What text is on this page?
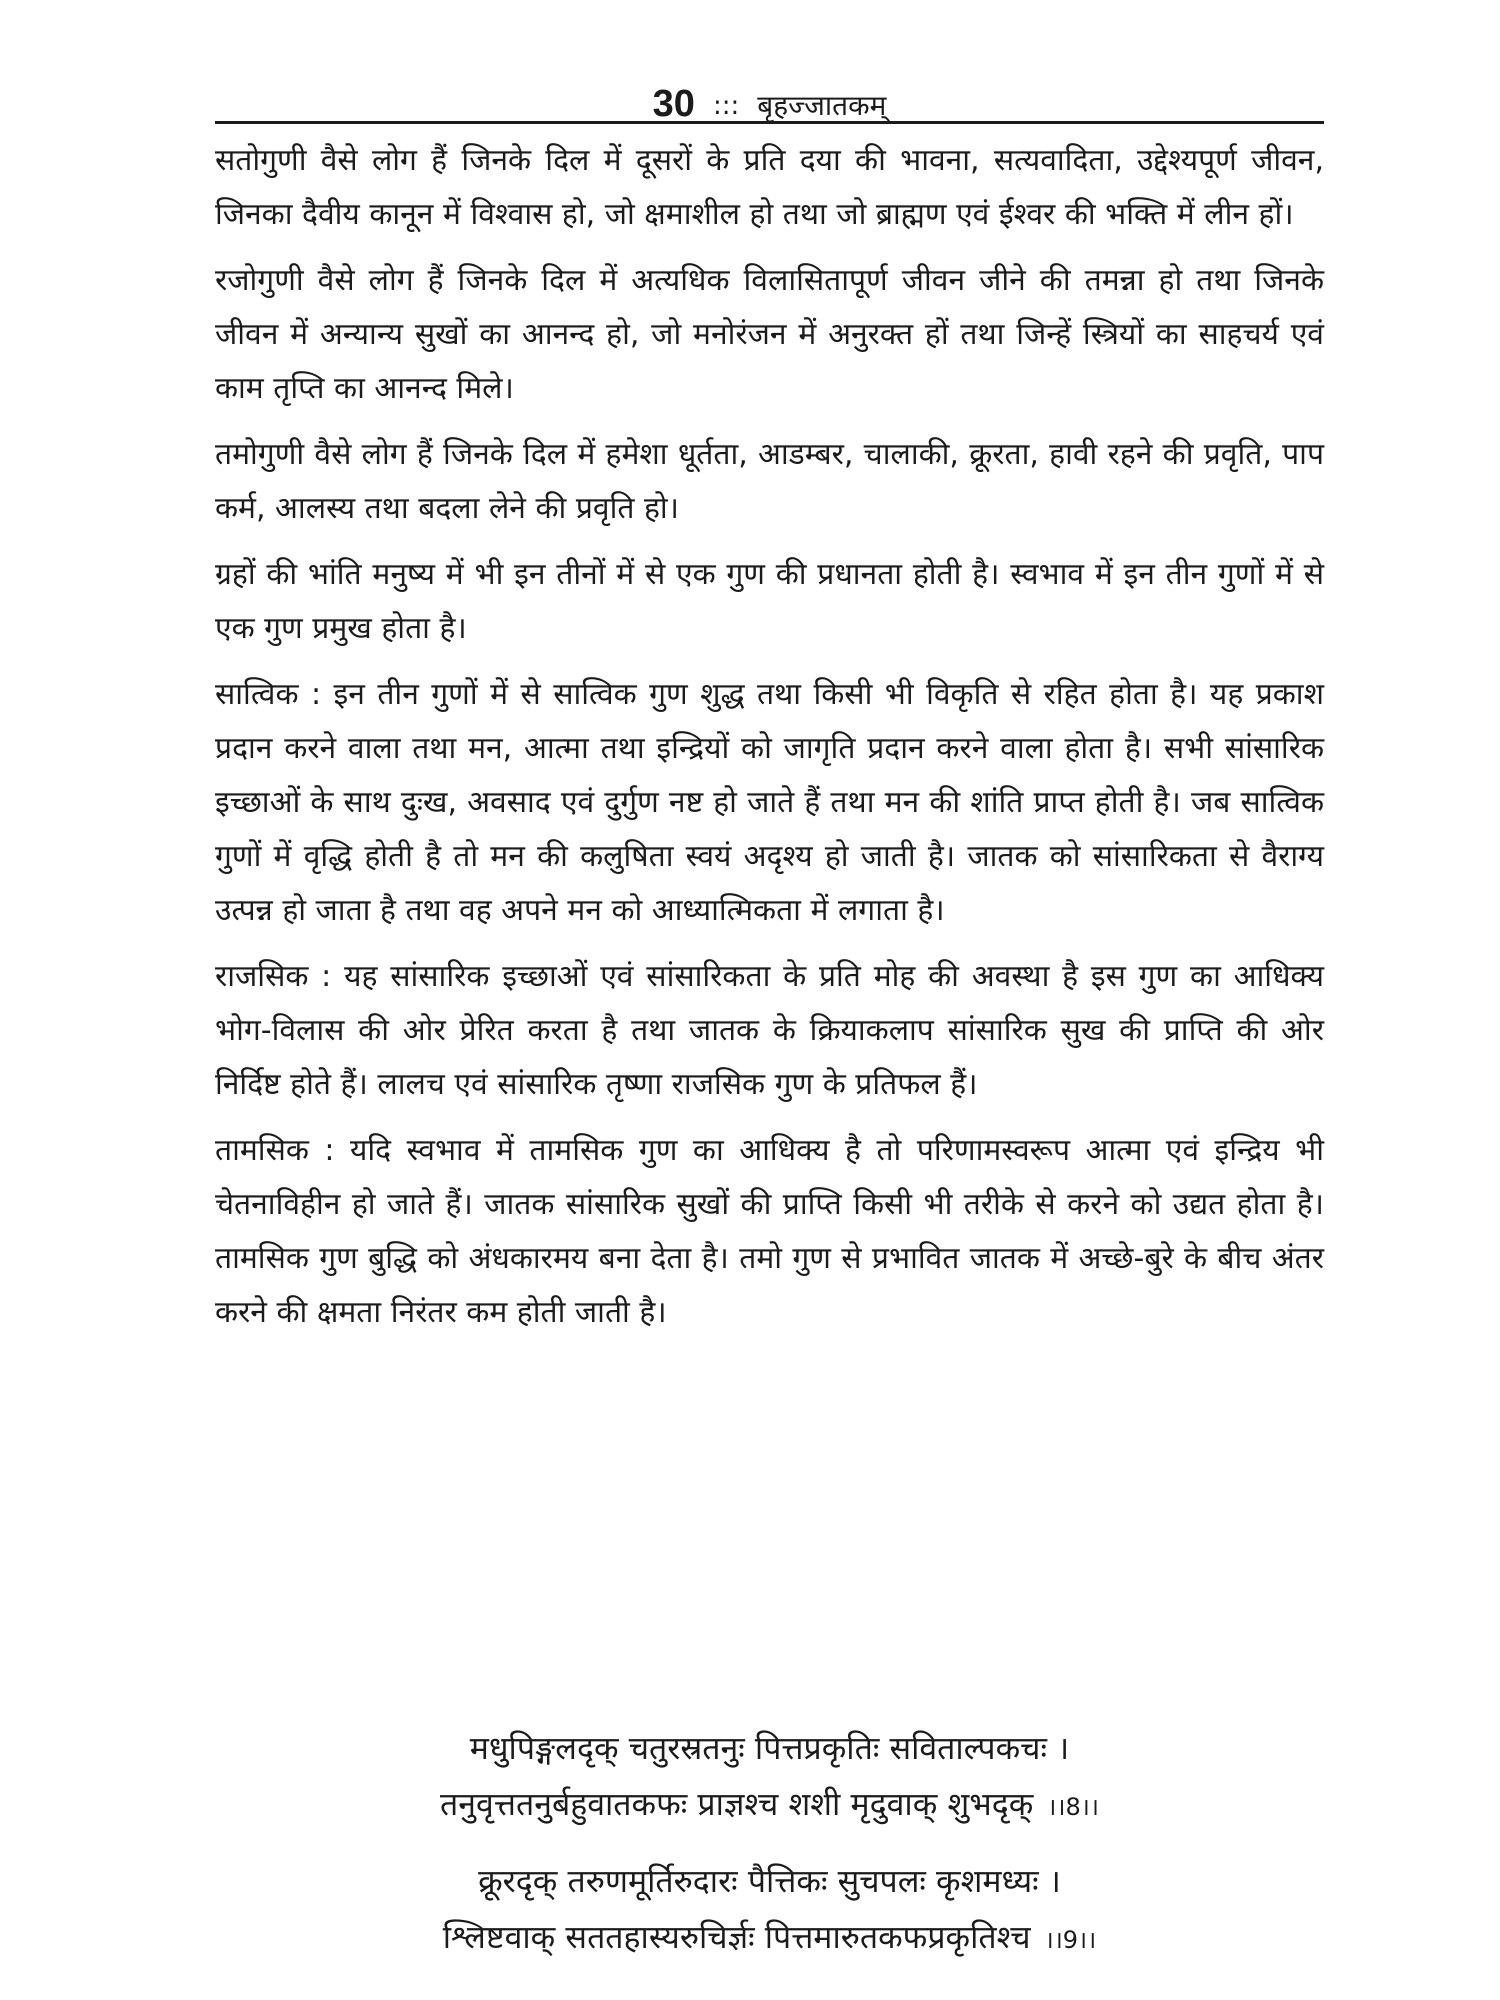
30 ::: बृहज्जातकम्

सतोगुणी वैसे लोग हैं जिनके दिल में दूसरों के प्रति दया की भावना, सत्यवादिता, उद्देश्यपूर्ण जीवन, जिनका दैवीय कानून में विश्वास हो, जो क्षमाशील हो तथा जो ब्राह्मण एवं ईश्वर की भक्ति में लीन हों।

रजोगुणी वैसे लोग हैं जिनके दिल में अत्यधिक विलासितापूर्ण जीवन जीने की तमन्ना हो तथा जिनके जीवन में अन्यान्य सुखों का आनन्द हो, जो मनोरंजन में अनुरक्त हों तथा जिन्हें स्त्रियों का साहचर्य एवं काम तृप्ति का आनन्द मिले।

तमोगुणी वैसे लोग हैं जिनके दिल में हमेशा धूर्तता, आडम्बर, चालाकी, क्रूरता, हावी रहने की प्रवृति, पाप कर्म, आलस्य तथा बदला लेने की प्रवृति हो।

ग्रहों की भांति मनुष्य में भी इन तीनों में से एक गुण की प्रधानता होती है। स्वभाव में इन तीन गुणों में से एक गुण प्रमुख होता है।

सात्विक : इन तीन गुणों में से सात्विक गुण शुद्ध तथा किसी भी विकृति से रहित होता है। यह प्रकाश प्रदान करने वाला तथा मन, आत्मा तथा इन्द्रियों को जागृति प्रदान करने वाला होता है। सभी सांसारिक इच्छाओं के साथ दुःख, अवसाद एवं दुर्गुण नष्ट हो जाते हैं तथा मन की शांति प्राप्त होती है। जब सात्विक गुणों में वृद्धि होती है तो मन की कलुषिता स्वयं अदृश्य हो जाती है। जातक को सांसारिकता से वैराग्य उत्पन्न हो जाता है तथा वह अपने मन को आध्यात्मिकता में लगाता है।

राजसिक : यह सांसारिक इच्छाओं एवं सांसारिकता के प्रति मोह की अवस्था है इस गुण का आधिक्य भोग-विलास की ओर प्रेरित करता है तथा जातक के क्रियाकलाप सांसारिक सुख की प्राप्ति की ओर निर्दिष्ट होते हैं। लालच एवं सांसारिक तृष्णा राजसिक गुण के प्रतिफल हैं।

तामसिक : यदि स्वभाव में तामसिक गुण का आधिक्य है तो परिणामस्वरूप आत्मा एवं इन्द्रिय भी चेतनाविहीन हो जाते हैं। जातक सांसारिक सुखों की प्राप्ति किसी भी तरीके से करने को उद्यत होता है। तामसिक गुण बुद्धि को अंधकारमय बना देता है। तमो गुण से प्रभावित जातक में अच्छे-बुरे के बीच अंतर करने की क्षमता निरंतर कम होती जाती है।

मधुपिङ्गलदृक् चतुरस्रतनुः पित्तप्रकृतिः सविताल्पकचः ।
तनुवृत्ततनुर्बहुवातकफः प्राज्ञश्च शशी मृदुवाक् शुभदृक् ।।8।।
क्रूरदृक् तरुणमूर्तिरुदारः पैत्तिकः सुचपलः कृशमध्यः ।
श्लिष्टवाक् सततहास्यरुचिर्ज्ञः पित्तमारुतकफप्रकृतिश्च ।।9।।
